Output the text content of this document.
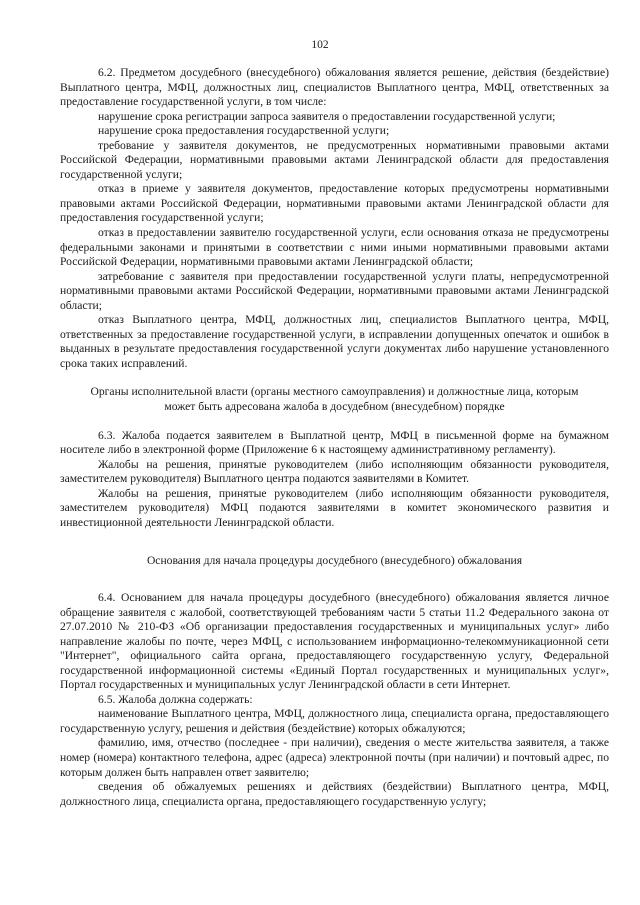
102

6.2. Предметом досудебного (внесудебного) обжалования является решение, действия (бездействие) Выплатного центра, МФЦ, должностных лиц, специалистов Выплатного центра, МФЦ, ответственных за предоставление государственной услуги, в том числе:

нарушение срока регистрации запроса заявителя о предоставлении государственной услуги;

нарушение срока предоставления государственной услуги;

требование у заявителя документов, не предусмотренных нормативными правовыми актами Российской Федерации, нормативными правовыми актами Ленинградской области для предоставления государственной услуги;

отказ в приеме у заявителя документов, предоставление которых предусмотрены нормативными правовыми актами Российской Федерации, нормативными правовыми актами Ленинградской области для предоставления государственной услуги;

отказ в предоставлении заявителю государственной услуги, если основания отказа не предусмотрены федеральными законами и принятыми в соответствии с ними иными нормативными правовыми актами Российской Федерации, нормативными правовыми актами Ленинградской области;

затребование с заявителя при предоставлении государственной услуги платы, непредусмотренной нормативными правовыми актами Российской Федерации, нормативными правовыми актами Ленинградской области;

отказ Выплатного центра, МФЦ, должностных лиц, специалистов Выплатного центра, МФЦ, ответственных за предоставление государственной услуги, в исправлении допущенных опечаток и ошибок в выданных в результате предоставления государственной услуги документах либо нарушение установленного срока таких исправлений.

Органы исполнительной власти (органы местного самоуправления) и должностные лица, которым может быть адресована жалоба в досудебном (внесудебном) порядке

6.3. Жалоба подается заявителем в Выплатной центр, МФЦ в письменной форме на бумажном носителе либо в электронной форме (Приложение 6 к настоящему административному регламенту).

Жалобы на решения, принятые руководителем (либо исполняющим обязанности руководителя, заместителем руководителя) Выплатного центра подаются заявителями в Комитет.

Жалобы на решения, принятые руководителем (либо исполняющим обязанности руководителя, заместителем руководителя) МФЦ подаются заявителями в комитет экономического развития и инвестиционной деятельности Ленинградской области.

Основания для начала процедуры досудебного (внесудебного) обжалования

6.4. Основанием для начала процедуры досудебного (внесудебного) обжалования является личное обращение заявителя с жалобой, соответствующей требованиям части 5 статьи 11.2 Федерального закона от 27.07.2010 № 210-ФЗ «Об организации предоставления государственных и муниципальных услуг» либо направление жалобы по почте, через МФЦ, с использованием информационно-телекоммуникационной сети "Интернет", официального сайта органа, предоставляющего государственную услугу, Федеральной государственной информационной системы «Единый Портал государственных и муниципальных услуг», Портал государственных и муниципальных услуг Ленинградской области в сети Интернет.

6.5. Жалоба должна содержать:

наименование Выплатного центра, МФЦ, должностного лица, специалиста органа, предоставляющего государственную услугу, решения и действия (бездействие) которых обжалуются;

фамилию, имя, отчество (последнее - при наличии), сведения о месте жительства заявителя, а также номер (номера) контактного телефона, адрес (адреса) электронной почты (при наличии) и почтовый адрес, по которым должен быть направлен ответ заявителю;

сведения об обжалуемых решениях и действиях (бездействии) Выплатного центра, МФЦ, должностного лица, специалиста органа, предоставляющего государственную услугу;
